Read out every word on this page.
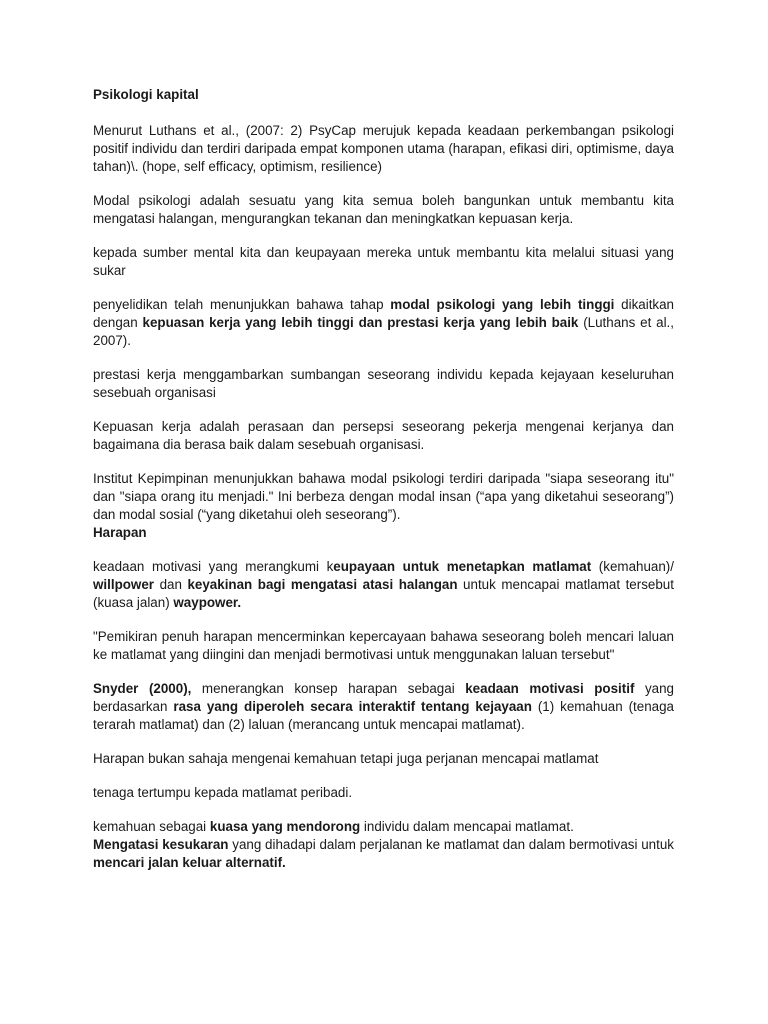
Psikologi kapital

Menurut Luthans et al., (2007: 2) PsyCap merujuk kepada keadaan perkembangan psikologi positif individu dan terdiri daripada empat komponen utama (harapan, efikasi diri, optimisme, daya tahan)\. (hope, self efficacy, optimism, resilience)

Modal psikologi adalah sesuatu yang kita semua boleh bangunkan untuk membantu kita mengatasi halangan, mengurangkan tekanan dan meningkatkan kepuasan kerja.

kepada sumber mental kita dan keupayaan mereka untuk membantu kita melalui situasi yang sukar

penyelidikan telah menunjukkan bahawa tahap modal psikologi yang lebih tinggi dikaitkan dengan kepuasan kerja yang lebih tinggi dan prestasi kerja yang lebih baik (Luthans et al., 2007).

prestasi kerja menggambarkan sumbangan seseorang individu kepada kejayaan keseluruhan sesebuah organisasi

Kepuasan kerja adalah perasaan dan persepsi seseorang pekerja mengenai kerjanya dan bagaimana dia berasa baik dalam sesebuah organisasi.

Institut Kepimpinan menunjukkan bahawa modal psikologi terdiri daripada "siapa seseorang itu" dan "siapa orang itu menjadi." Ini berbeza dengan modal insan (“apa yang diketahui seseorang”) dan modal sosial (“yang diketahui oleh seseorang”).

Harapan

keadaan motivasi yang merangkumi keupayaan untuk menetapkan matlamat (kemahuan)/ willpower dan keyakinan bagi mengatasi atasi halangan untuk mencapai matlamat tersebut (kuasa jalan) waypower.

"Pemikiran penuh harapan mencerminkan kepercayaan bahawa seseorang boleh mencari laluan ke matlamat yang diingini dan menjadi bermotivasi untuk menggunakan laluan tersebut"

Snyder (2000), menerangkan konsep harapan sebagai keadaan motivasi positif yang berdasarkan rasa yang diperoleh secara interaktif tentang kejayaan (1) kemahuan (tenaga terarah matlamat) dan (2) laluan (merancang untuk mencapai matlamat).

Harapan bukan sahaja mengenai kemahuan tetapi juga perjanan mencapai matlamat

tenaga tertumpu kepada matlamat peribadi.

kemahuan sebagai kuasa yang mendorong individu dalam mencapai matlamat.

Mengatasi kesukaran yang dihadapi dalam perjalanan ke matlamat dan dalam bermotivasi untuk mencari jalan keluar alternatif.
